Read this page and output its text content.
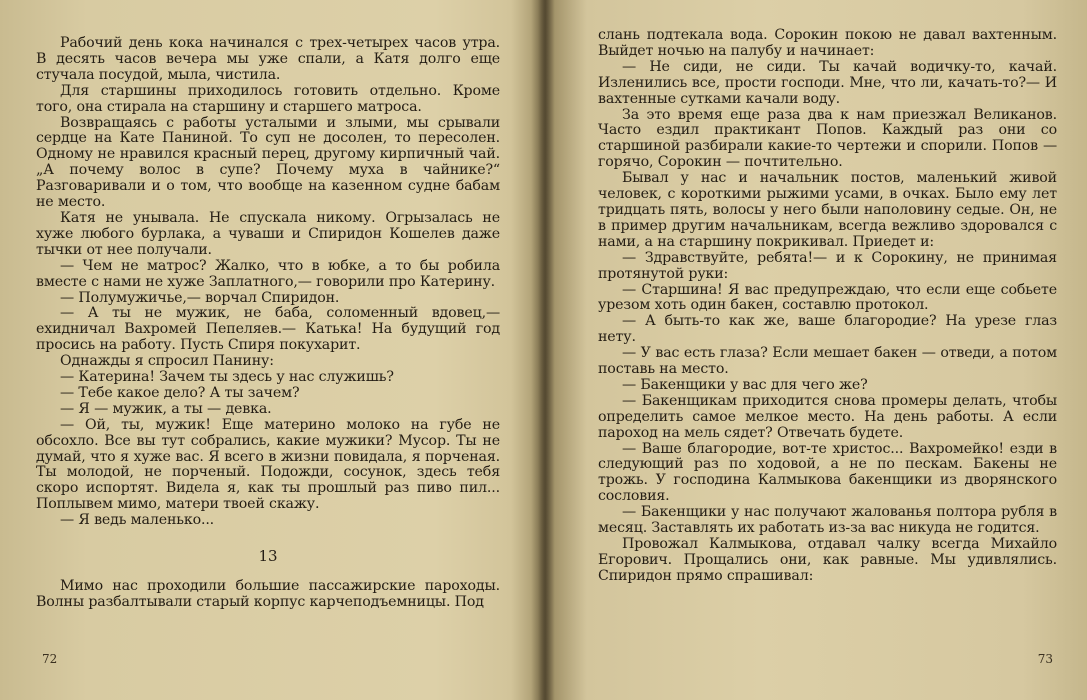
Рабочий день кока начинался с трех-четырех часов утра. В десять часов вечера мы уже спали, а Катя долго еще стучала посудой, мыла, чистила.

Для старшины приходилось готовить отдельно. Кроме того, она стирала на старшину и старшего матроса.

Возвращаясь с работы усталыми и злыми, мы срывали сердце на Кате Паниной. То суп не досолен, то пересолен. Одному не нравился красный перец, другому кирпичный чай. „А почему волос в супе? Почему муха в чайнике?“ Разговаривали и о том, что вообще на казенном судне бабам не место.

Катя не унывала. Не спускала никому. Огрызалась не хуже любого бурлака, а чуваши и Спиридон Кошелев даже тычки от нее получали.

— Чем не матрос? Жалко, что в юбке, а то бы робила вместе с нами не хуже Заплатного,— говорили про Катерину.

— Полумужичье,— ворчал Спиридон.

— А ты не мужик, не баба, соломенный вдовец,— ехидничал Вахромей Пепеляев.— Катька! На будущий год просись на работу. Пусть Спиря покухарит.

Однажды я спросил Панину:

— Катерина! Зачем ты здесь у нас служишь?

— Тебе какое дело? А ты зачем?

— Я — мужик, а ты — девка.

— Ой, ты, мужик! Еще материно молоко на губе не обсохло. Все вы тут собрались, какие мужики? Мусор. Ты не думай, что я хуже вас. Я всего в жизни повидала, я порченая. Ты молодой, не порченый. Подожди, сосунок, здесь тебя скоро испортят. Видела я, как ты прошлый раз пиво пил... Поплывем мимо, матери твоей скажу.

— Я ведь маленько...

13

Мимо нас проходили большие пассажирские пароходы. Волны разбалтывали старый корпус карчеподъемницы. Под

72

слань подтекала вода. Сорокин покою не давал вахтенным. Выйдет ночью на палубу и начинает:

— Не сиди, не сиди. Ты качай водичку-то, качай. Изленились все, прости господи. Мне, что ли, качать-то?— И вахтенные сутками качали воду.

За это время еще раза два к нам приезжал Великанов. Часто ездил практикант Попов. Каждый раз они со старшиной разбирали какие-то чертежи и спорили. Попов — горячо, Сорокин — почтительно.

Бывал у нас и начальник постов, маленький живой человек, с короткими рыжими усами, в очках. Было ему лет тридцать пять, волосы у него были наполовину седые. Он, не в пример другим начальникам, всегда вежливо здоровался с нами, а на старшину покрикивал. Приедет и:

— Здравствуйте, ребята!— и к Сорокину, не принимая протянутой руки:

— Старшина! Я вас предупреждаю, что если еще собьете урезом хоть один бакен, составлю протокол.

— А быть-то как же, ваше благородие? На урезе глаз нету.

— У вас есть глаза? Если мешает бакен — отведи, а потом поставь на место.

— Бакенщики у вас для чего же?

— Бакенщикам приходится снова промеры делать, чтобы определить самое мелкое место. На день работы. А если пароход на мель сядет? Отвечать будете.

— Ваше благородие, вот-те христос... Вахромейко! езди в следующий раз по ходовой, а не по пескам. Бакены не трожь. У господина Калмыкова бакенщики из дворянского сословия.

— Бакенщики у нас получают жалованья полтора рубля в месяц. Заставлять их работать из-за вас никуда не годится.

Провожал Калмыкова, отдавал чалку всегда Михайло Егорович. Прощались они, как равные. Мы удивлялись. Спиридон прямо спрашивал:

73
